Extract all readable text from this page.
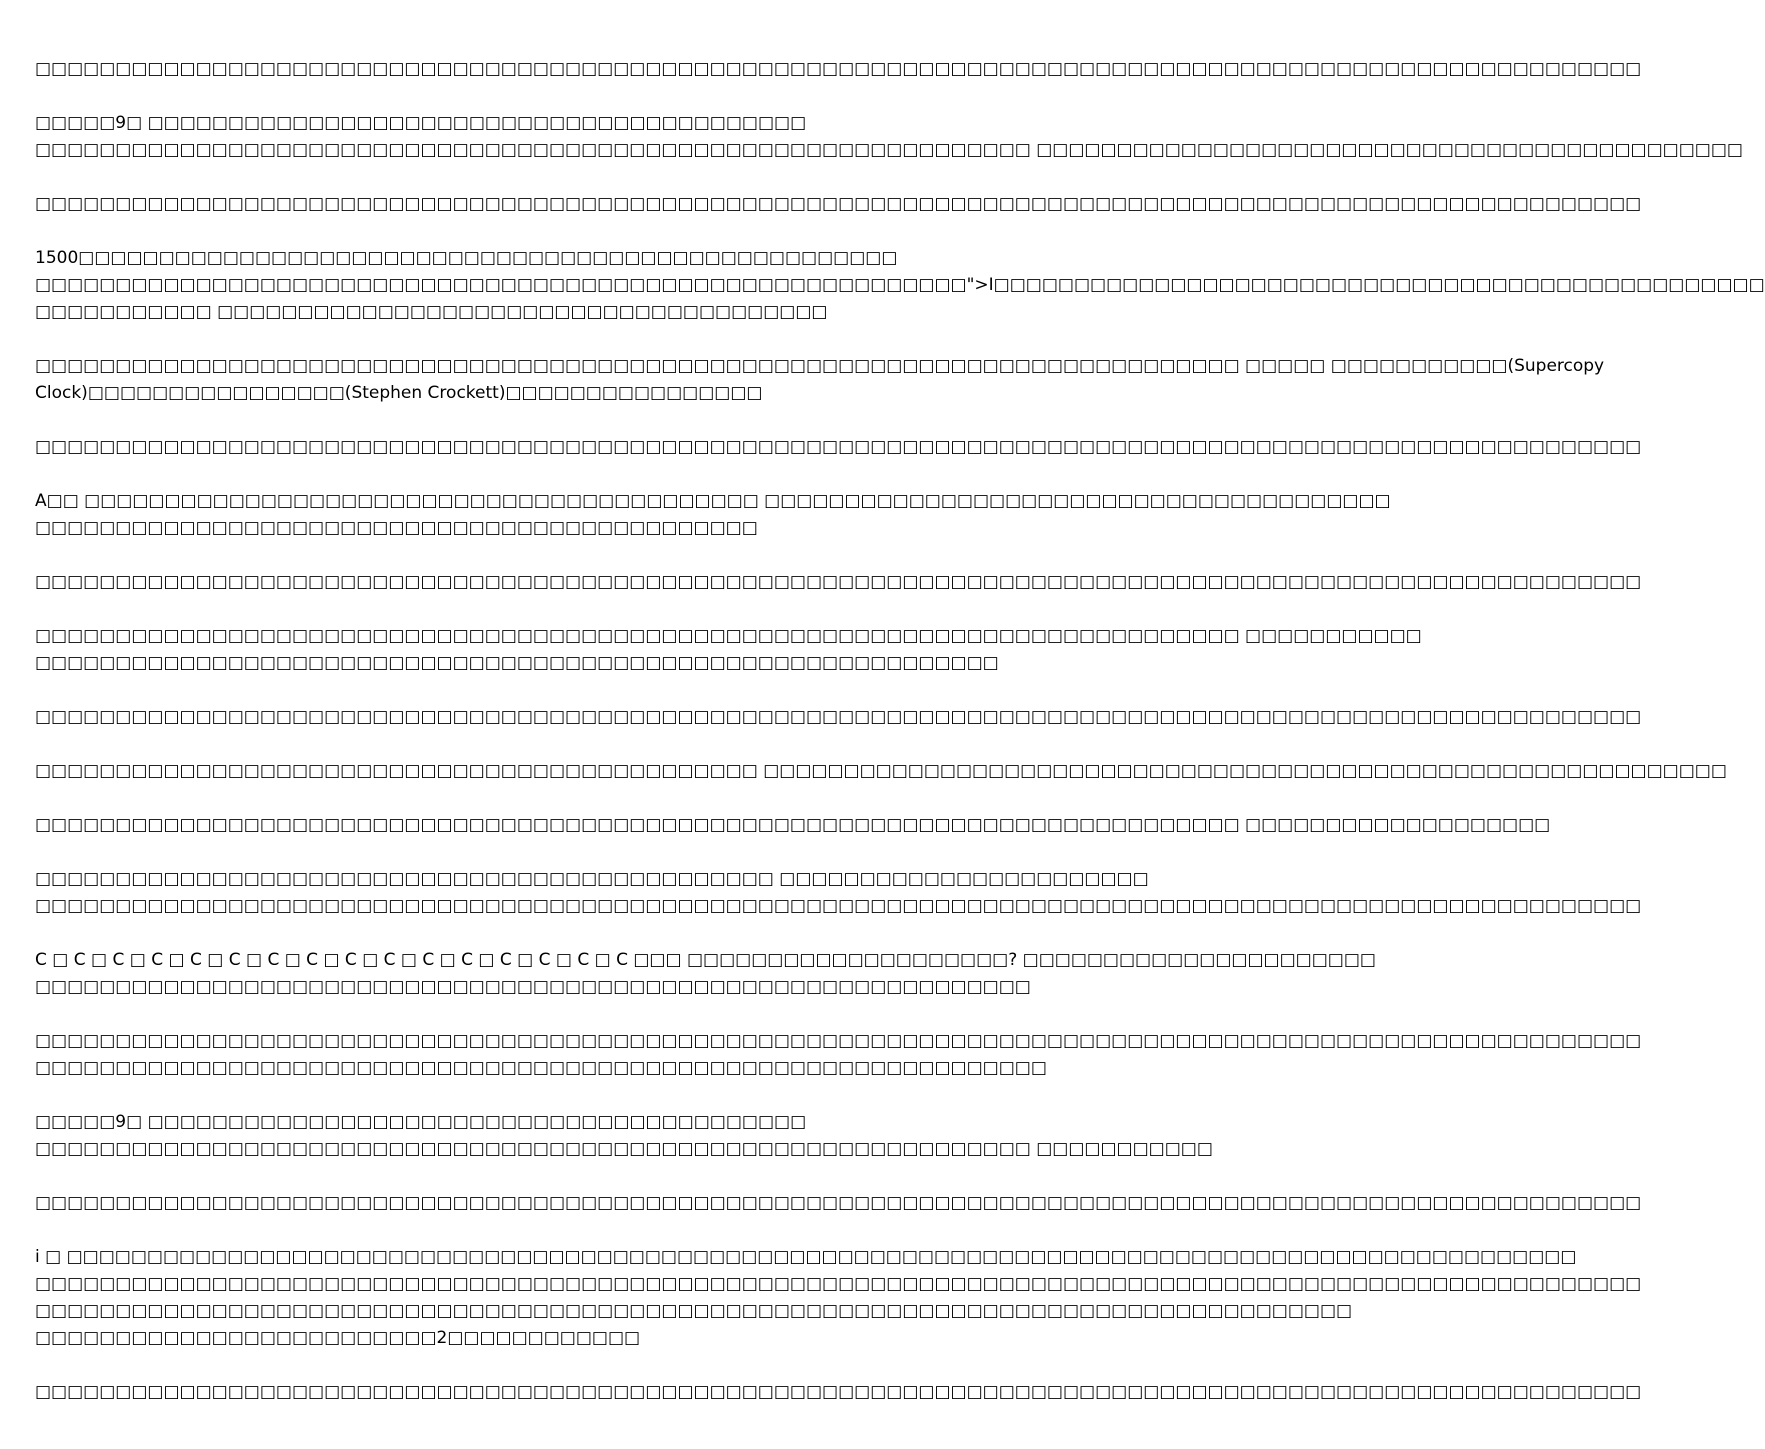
□□□□□□□□□□□□□□□□□□□□□□□□□□□□□□□□□□□□□□□□□□□□□□□□□□□□□□□□□□□□□□□□□□□□□□□□□□□□□□□□□□□□□□□□□□□□□□□□□□□□

□□□□□9□ □□□□□□□□□□□□□□□□□□□□□□□□□□□□□□□□□□□□□□□□□
□□□□□□□□□□□□□□□□□□□□□□□□□□□□□□□□□□□□□□□□□□□□□□□□□□□□□□□□□□□□□□ □□□□□□□□□□□□□□□□□□□□□□□□□□□□□□□□□□□□□□□□□□□□

□□□□□□□□□□□□□□□□□□□□□□□□□□□□□□□□□□□□□□□□□□□□□□□□□□□□□□□□□□□□□□□□□□□□□□□□□□□□□□□□□□□□□□□□□□□□□□□□□□□□

1500□□□□□□□□□□□□□□□□□□□□□□□□□□□□□□□□□□□□□□□□□□□□□□□□□□□
□□□□□□□□□□□□□□□□□□□□□□□□□□□□□□□□□□□□□□□□□□□□□□□□□□□□□□□□□□">I□□□□□□□□□□□□□□□□□□□□□□□□□□□□□□□□□□□□□□□□□□□□□□□□
□□□□□□□□□□□ □□□□□□□□□□□□□□□□□□□□□□□□□□□□□□□□□□□□□□

□□□□□□□□□□□□□□□□□□□□□□□□□□□□□□□□□□□□□□□□□□□□□□□□□□□□□□□□□□□□□□□□□□□□□□□□□□□ □□□□□ □□□□□□□□□□□(Supercopy
Clock)□□□□□□□□□□□□□□□□(Stephen Crockett)□□□□□□□□□□□□□□□□

□□□□□□□□□□□□□□□□□□□□□□□□□□□□□□□□□□□□□□□□□□□□□□□□□□□□□□□□□□□□□□□□□□□□□□□□□□□□□□□□□□□□□□□□□□□□□□□□□□□□

A□□ □□□□□□□□□□□□□□□□□□□□□□□□□□□□□□□□□□□□□□□□□□ □□□□□□□□□□□□□□□□□□□□□□□□□□□□□□□□□□□□□□□
□□□□□□□□□□□□□□□□□□□□□□□□□□□□□□□□□□□□□□□□□□□□□

□□□□□□□□□□□□□□□□□□□□□□□□□□□□□□□□□□□□□□□□□□□□□□□□□□□□□□□□□□□□□□□□□□□□□□□□□□□□□□□□□□□□□□□□□□□□□□□□□□□□

□□□□□□□□□□□□□□□□□□□□□□□□□□□□□□□□□□□□□□□□□□□□□□□□□□□□□□□□□□□□□□□□□□□□□□□□□□□ □□□□□□□□□□□
□□□□□□□□□□□□□□□□□□□□□□□□□□□□□□□□□□□□□□□□□□□□□□□□□□□□□□□□□□□□

□□□□□□□□□□□□□□□□□□□□□□□□□□□□□□□□□□□□□□□□□□□□□□□□□□□□□□□□□□□□□□□□□□□□□□□□□□□□□□□□□□□□□□□□□□□□□□□□□□□□

□□□□□□□□□□□□□□□□□□□□□□□□□□□□□□□□□□□□□□□□□□□□□ □□□□□□□□□□□□□□□□□□□□□□□□□□□□□□□□□□□□□□□□□□□□□□□□□□□□□□□□□□□□

□□□□□□□□□□□□□□□□□□□□□□□□□□□□□□□□□□□□□□□□□□□□□□□□□□□□□□□□□□□□□□□□□□□□□□□□□□□ □□□□□□□□□□□□□□□□□□□

□□□□□□□□□□□□□□□□□□□□□□□□□□□□□□□□□□□□□□□□□□□□□□ □□□□□□□□□□□□□□□□□□□□□□□
□□□□□□□□□□□□□□□□□□□□□□□□□□□□□□□□□□□□□□□□□□□□□□□□□□□□□□□□□□□□□□□□□□□□□□□□□□□□□□□□□□□□□□□□□□□□□□□□□□□□

C □ C □ C □ C □ C □ C □ C □ C □ C □ C □ C □ C □ C □ C □ C □ C □□□ □□□□□□□□□□□□□□□□□□□□? □□□□□□□□□□□□□□□□□□□□□□
□□□□□□□□□□□□□□□□□□□□□□□□□□□□□□□□□□□□□□□□□□□□□□□□□□□□□□□□□□□□□□

□□□□□□□□□□□□□□□□□□□□□□□□□□□□□□□□□□□□□□□□□□□□□□□□□□□□□□□□□□□□□□□□□□□□□□□□□□□□□□□□□□□□□□□□□□□□□□□□□□□□
□□□□□□□□□□□□□□□□□□□□□□□□□□□□□□□□□□□□□□□□□□□□□□□□□□□□□□□□□□□□□□□

□□□□□9□ □□□□□□□□□□□□□□□□□□□□□□□□□□□□□□□□□□□□□□□□□
□□□□□□□□□□□□□□□□□□□□□□□□□□□□□□□□□□□□□□□□□□□□□□□□□□□□□□□□□□□□□□ □□□□□□□□□□□

□□□□□□□□□□□□□□□□□□□□□□□□□□□□□□□□□□□□□□□□□□□□□□□□□□□□□□□□□□□□□□□□□□□□□□□□□□□□□□□□□□□□□□□□□□□□□□□□□□□□

i □ □□□□□□□□□□□□□□□□□□□□□□□□□□□□□□□□□□□□□□□□□□□□□□□□□□□□□□□□□□□□□□□□□□□□□□□□□□□□□□□□□□□□□□□□□□□□□□
□□□□□□□□□□□□□□□□□□□□□□□□□□□□□□□□□□□□□□□□□□□□□□□□□□□□□□□□□□□□□□□□□□□□□□□□□□□□□□□□□□□□□□□□□□□□□□□□□□□□
□□□□□□□□□□□□□□□□□□□□□□□□□□□□□□□□□□□□□□□□□□□□□□□□□□□□□□□□□□□□□□□□□□□□□□□□□□□□□□□□□□
□□□□□□□□□□□□□□□□□□□□□□□□□2□□□□□□□□□□□□

□□□□□□□□□□□□□□□□□□□□□□□□□□□□□□□□□□□□□□□□□□□□□□□□□□□□□□□□□□□□□□□□□□□□□□□□□□□□□□□□□□□□□□□□□□□□□□□□□□□□
